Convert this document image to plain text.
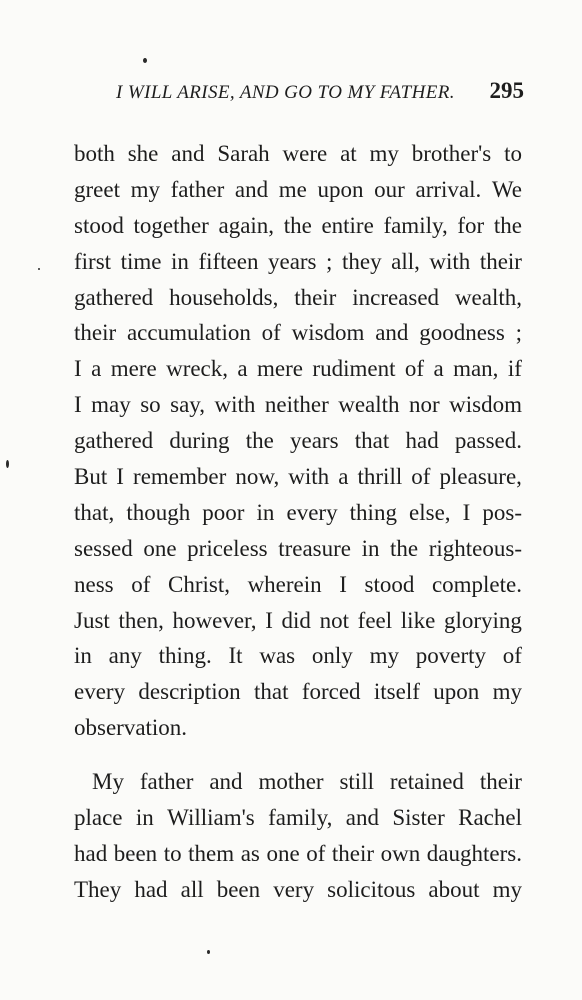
I WILL ARISE, AND GO TO MY FATHER. 295
both she and Sarah were at my brother's to
greet my father and me upon our arrival. We
stood together again, the entire family, for the
first time in fifteen years ; they all, with their
gathered households, their increased wealth,
their accumulation of wisdom and goodness ;
I a mere wreck, a mere rudiment of a man, if
I may so say, with neither wealth nor wisdom
gathered during the years that had passed.
But I remember now, with a thrill of pleasure,
that, though poor in every thing else, I pos-
sessed one priceless treasure in the righteous-
ness of Christ, wherein I stood complete.
Just then, however, I did not feel like glorying
in any thing. It was only my poverty of
every description that forced itself upon my
observation.
My father and mother still retained their
place in William's family, and Sister Rachel
had been to them as one of their own daughters.
They had all been very solicitous about my
